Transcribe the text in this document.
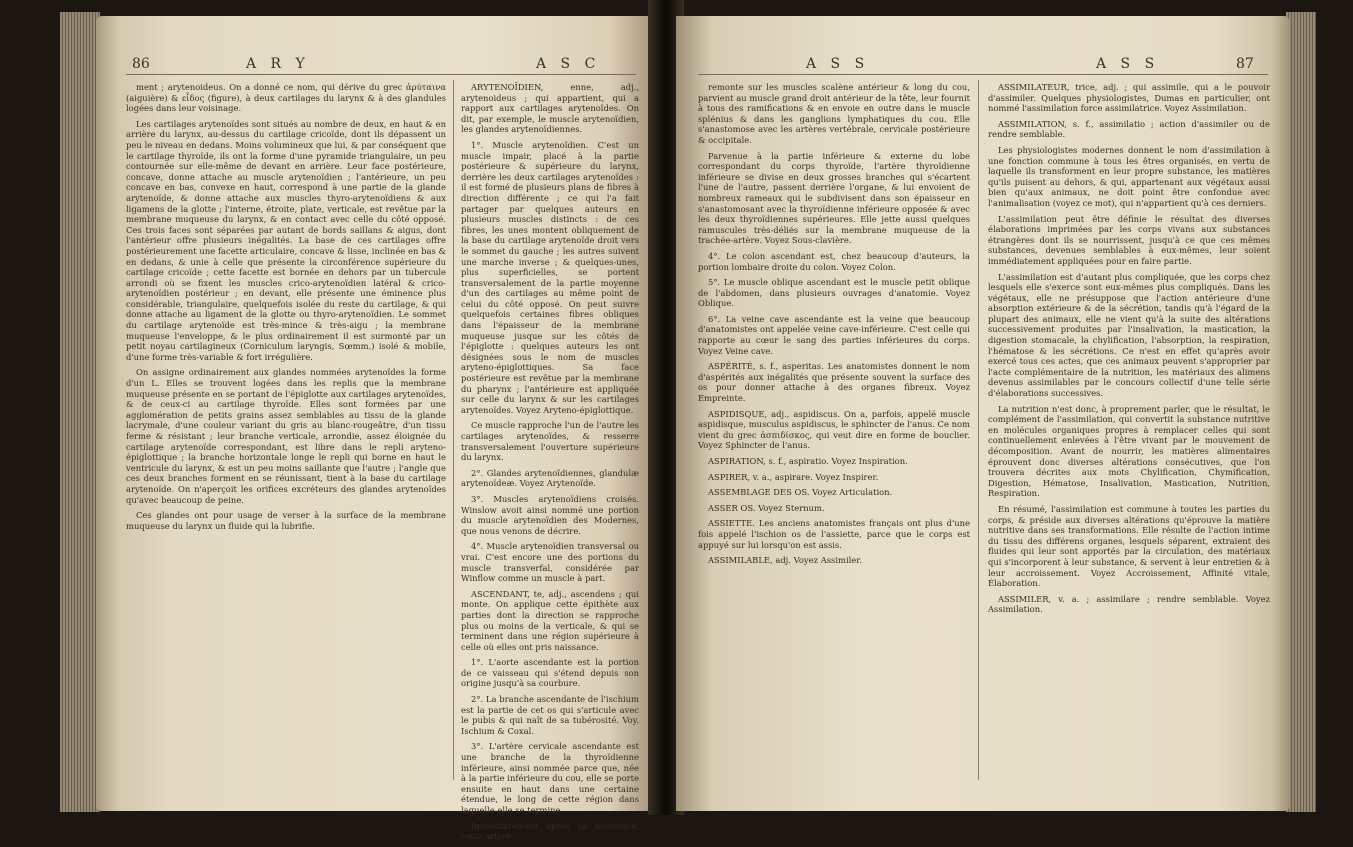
86	A R Y	A S C

ment ; arytenoideus. On a donné ce nom, qui dérive du grec ἀρύταινα (aiguière) & εἶδος (figure), à deux cartilages du larynx & à des glandules logées dans leur voisinage.

Les cartilages arytenoïdes sont situés au nombre de deux, en haut & en arrière du larynx, au-dessus du cartilage cricoïde, dont ils dépassent un peu le niveau en dedans. Moins volumineux que lui, & par conséquent que le cartilage thyroïde, ils ont la forme d'une pyramide triangulaire, un peu contournée sur elle-même de devant en arrière. Leur face postérieure, concave, donne attache au muscle arytenoïdien ; l'antérieure, un peu concave en bas, convexe en haut, correspond à une partie de la glande arytenoïde, & donne attache aux muscles thyro-arytenoïdiens & aux ligamens de la glotte ; l'interne, étroite, plate, verticale, est revêtue par la membrane muqueuse du larynx, & en contact avec celle du côté opposé. Ces trois faces sont séparées par autant de bords saillans & aigus, dont l'antérieur offre plusieurs inégalités. La base de ces cartilages offre postérieurement une facette articulaire, concave & lisse, inclinée en bas & en dedans, & unie à celle que présente la circonférence supérieure du cartilage cricoïde ; cette facette est bornée en dehors par un tubercule arrondi où se fixent les muscles crico-arytenoïdien latéral & crico-arytenoïdien postérieur ; en devant, elle présente une éminence plus considérable, triangulaire, quelquefois isolée du reste du cartilage, & qui donne attache au ligament de la glotte ou thyro-arytenoïdien. Le sommet du cartilage arytenoïde est très-mince & très-aigu ; la membrane muqueuse l'enveloppe, & le plus ordinairement il est surmonté par un petit noyau cartilagineux (Corniculum laryngis, Sœmm.) isolé & mobile, d'une forme très-variable & fort irrégulière.

On assigne ordinairement aux glandes nommées arytenoïdes la forme d'un L. Elles se trouvent logées dans les replis que la membrane muqueuse présente en se portant de l'épiglotte aux cartilages arytenoïdes, & de ceux-ci au cartilage thyroïde. Elles sont formées par une agglomération de petits grains assez semblables au tissu de la glande lacrymale, d'une couleur variant du gris au blanc-rougeâtre, d'un tissu ferme & résistant ; leur branche verticale, arrondie, assez éloignée du cartilage arytenoïde correspondant, est libre dans le repli aryteno-épiglottique ; la branche horizontale longe le repli qui borne en haut le ventricule du larynx, & est un peu moins saillante que l'autre ; l'angle que ces deux branches forment en se réunissant, tient à la base du cartilage arytenoïde. On n'aperçoit les orifices excréteurs des glandes arytenoïdes qu'avec beaucoup de peine.

Ces glandes ont pour usage de verser à la surface de la membrane muqueuse du larynx un fluide qui la lubrifie.

ARYTENOÏDIEN, enne, adj., arytenoideus ; qui appartient, qui a rapport aux cartilages arytenoïdes. On dit, par exemple, le muscle arytenoïdien, les glandes arytenoïdiennes.

1°. Muscle arytenoïdien. C'est un muscle impair, placé à la partie postérieure & supérieure du larynx, derrière les deux cartilages arytenoïdes : il est formé de plusieurs plans de fibres à direction différente ; ce qui l'a fait partager par quelques auteurs en plusieurs muscles distincts : de ces fibres, les unes montent obliquement de la base du cartilage arytenoïde droit vers le sommet du gauche ; les autres suivent une marche inverse ; & quelques-unes, plus superficielles, se portent transversalement de la partie moyenne d'un des cartilages au même point de celui du côté opposé. On peut suivre quelquefois certaines fibres obliques dans l'épaisseur de la membrane muqueuse jusque sur les côtés de l'épiglotte : quelques auteurs les ont désignées sous le nom de muscles aryteno-épiglottiques. Sa face postérieure est revêtue par la membrane du pharynx ; l'antérieure est appliquée sur celle du larynx & sur les cartilages arytenoïdes. Voyez Aryteno-épiglottique.

Ce muscle rapproche l'un de l'autre les cartilages arytenoïdes, & resserre transversalement l'ouverture supérieure du larynx.

2°. Glandes arytenoïdiennes, glandulæ arytenoïdeæ. Voyez Arytenoïde.

3°. Muscles arytenoïdiens croisés. Winslow avoit ainsi nommé une portion du muscle arytenoïdien des Modernes, que nous venons de décrire.

4°. Muscle arytenoïdien transversal ou vrai. C'est encore une des portions du muscle transverfal, considérée par Winflow comme un muscle à part.

ASCENDANT, te, adj., ascendens ; qui monte. On applique cette épithète aux parties dont la direction se rapproche plus ou moins de la verticale, & qui se terminent dans une région supérieure à celle où elles ont pris naissance.

1°. L'aorte ascendante est la portion de ce vaisseau qui s'étend depuis son origine jusqu'à sa courbure.

2°. La branche ascendante de l'ischium est la partie de cet os qui s'articule avec le pubis & qui naît de sa tubérosité. Voy. Ischium & Coxal.

3°. L'artère cervicale ascendante est une branche de la thyroïdienne inférieure, ainsi nommée parce que, née à la partie inférieure du cou, elle se porte ensuite en haut dans une certaine étendue, le long de cette région dans laquelle elle se termine.

Immédiatement après sa naissance, cette artère

A S S	A S S	87

remonte sur les muscles scalène antérieur & long du cou, parvient au muscle grand droit antérieur de la tête, leur fournit à tous des ramifications & en envoie en outre dans le muscle splénius & dans les ganglions lymphatiques du cou. Elle s'anastomose avec les artères vertébrale, cervicale postérieure & occipitale.

Parvenue à la partie inférieure & externe du lobe correspondant du corps thyroïde, l'artère thyroïdienne inférieure se divise en deux grosses branches qui s'écartent l'une de l'autre, passent derrière l'organe, & lui envoient de nombreux rameaux qui le subdivisent dans son épaisseur en s'anastomosant avec la thyroïdienne inférieure opposée & avec les deux thyroïdiennes supérieures. Elle jette aussi quelques ramuscules très-déliés sur la membrane muqueuse de la trachée-artère. Voyez Sous-clavière.

4°. Le colon ascendant est, chez beaucoup d'auteurs, la portion lombaire droite du colon. Voyez Colon.

5°. Le muscle oblique ascendant est le muscle petit oblique de l'abdomen, dans plusieurs ouvrages d'anatomie. Voyez Oblique.

6°. La veine cave ascendante est la veine que beaucoup d'anatomistes ont appelée veine cave-inférieure. C'est celle qui rapporte au cœur le sang des parties inférieures du corps. Voyez Veine cave.

ASPÉRITÉ, s. f., asperitas. Les anatomistes donnent le nom d'aspérités aux inégalités que présente souvent la surface des os pour donner attache à des organes fibreux. Voyez Empreinte.

ASPIDISQUE, adj., aspidiscus. On a, parfois, appelé muscle aspidisque, musculus aspidiscus, le sphincter de l'anus. Ce nom vient du grec ἀσπιδίσκος, qui veut dire en forme de bouclier. Voyez Sphincter de l'anus.

ASPIRATION, s. f., aspiratio. Voyez Inspiration.

ASPIRER, v. a., aspirare. Voyez Inspirer.

ASSEMBLAGE DES OS. Voyez Articulation.

ASSER OS. Voyez Sternum.

ASSIETTE. Les anciens anatomistes français ont plus d'une fois appelé l'ischion os de l'assiette, parce que le corps est appuyé sur lui lorsqu'on est assis.

ASSIMILABLE, adj. Voyez Assimiler.

ASSIMILATEUR, trice, adj. ; qui assimile, qui a le pouvoir d'assimiler. Quelques physiologistes, Dumas en particulier, ont nommé l'assimilation force assimilatrice. Voyez Assimilation.

ASSIMILATION, s. f., assimilatio ; action d'assimiler ou de rendre semblable.

Les physiologistes modernes donnent le nom d'assimilation à une fonction commune à tous les êtres organisés, en vertu de laquelle ils transforment en leur propre substance, les matières qu'ils puisent au dehors, & qui, appartenant aux végétaux aussi bien qu'aux animaux, ne doit point être confondue avec l'animalisation (voyez ce mot), qui n'appartient qu'à ces derniers.

L'assimilation peut être définie le résultat des diverses élaborations imprimées par les corps vivans aux substances étrangères dont ils se nourrissent, jusqu'à ce que ces mêmes substances, devenues semblables à eux-mêmes, leur soient immédiatement appliquées pour en faire partie.

L'assimilation est d'autant plus compliquée, que les corps chez lesquels elle s'exerce sont eux-mêmes plus compliqués. Dans les végétaux, elle ne présuppose que l'action antérieure d'une absorption extérieure & de la sécrétion, tandis qu'à l'égard de la plupart des animaux, elle ne vient qu'à la suite des altérations successivement produites par l'insalivation, la mastication, la digestion stomacale, la chylification, l'absorption, la respiration, l'hématose & les sécrétions. Ce n'est en effet qu'après avoir exercé tous ces actes, que ces animaux peuvent s'approprier par l'acte complémentaire de la nutrition, les matériaux des alimens devenus assimilables par le concours collectif d'une telle série d'élaborations successives.

La nutrition n'est donc, à proprement parler, que le résultat, le complément de l'assimilation, qui convertit la substance nutritive en molécules organiques propres à remplacer celles qui sont continuellement enlevées à l'être vivant par le mouvement de décomposition. Avant de nourrir, les matières alimentaires éprouvent donc diverses altérations consécutives, que l'on trouvera décrites aux mots Chylification, Chymification, Digestion, Hématose, Insalivation, Mastication, Nutrition, Respiration.

En résumé, l'assimilation est commune à toutes les parties du corps, & préside aux diverses altérations qu'éprouve la matière nutritive dans ses transformations. Elle résulte de l'action intime du tissu des différens organes, lesquels séparent, extraient des fluides qui leur sont apportés par la circulation, des matériaux qui s'incorporent à leur substance, & servent à leur entretien & à leur accroissement. Voyez Accroissement, Affinité vitale, Élaboration.

ASSIMILER, v. a. ; assimilare ; rendre semblable. Voyez Assimilation.
